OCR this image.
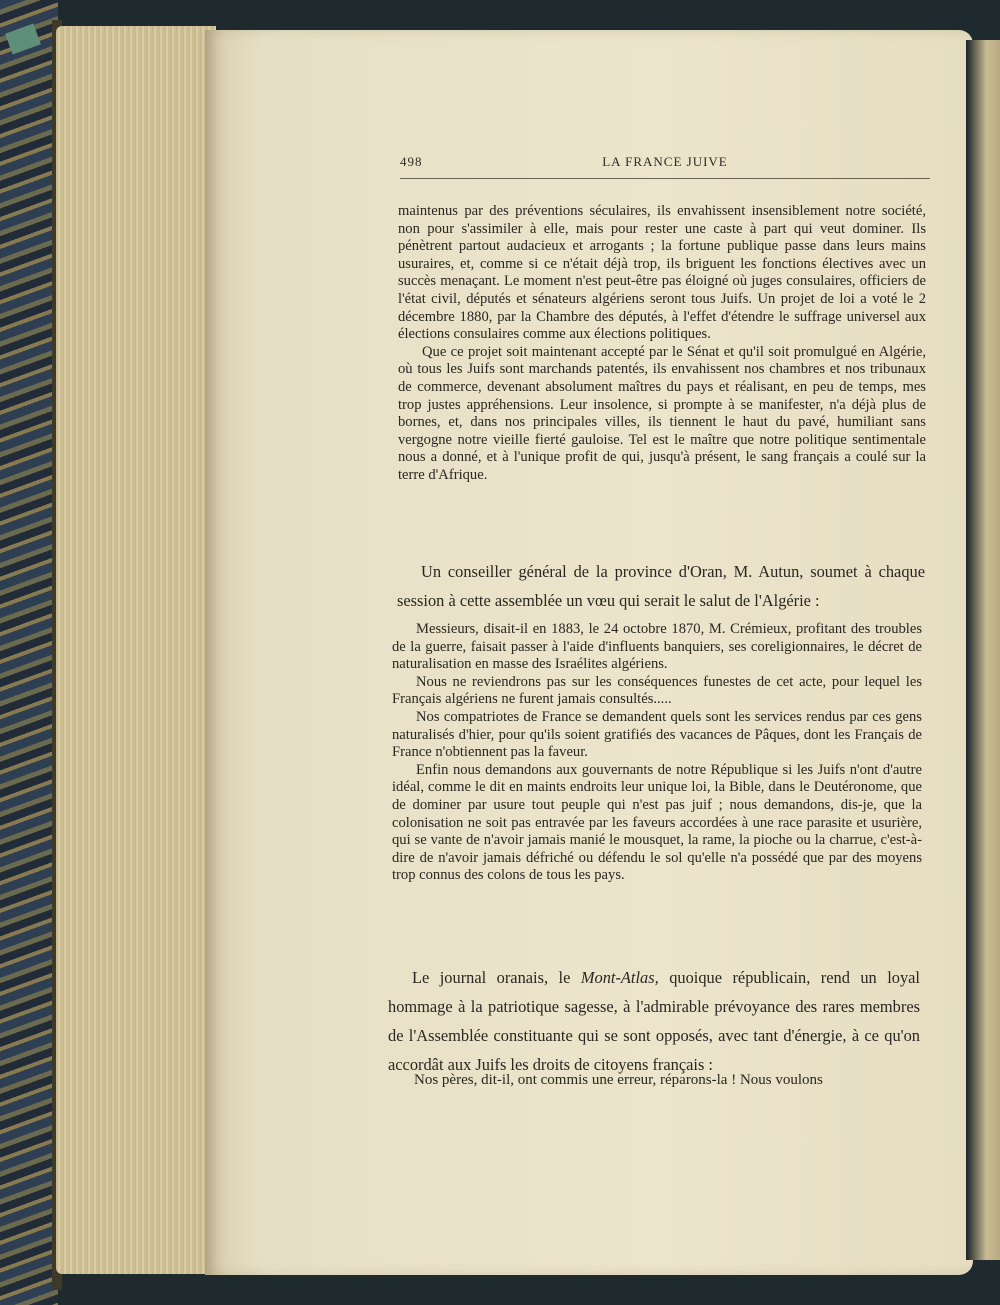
498	LA FRANCE JUIVE

maintenus par des préventions séculaires, ils envahissent insensiblement notre société, non pour s'assimiler à elle, mais pour rester une caste à part qui veut dominer. Ils pénètrent partout audacieux et arrogants ; la fortune publique passe dans leurs mains usuraires, et, comme si ce n'était déjà trop, ils briguent les fonctions électives avec un succès menaçant. Le moment n'est peut-être pas éloigné où juges consulaires, officiers de l'état civil, députés et sénateurs algériens seront tous Juifs. Un projet de loi a voté le 2 décembre 1880, par la Chambre des députés, à l'effet d'étendre le suffrage universel aux élections consulaires comme aux élections politiques.

Que ce projet soit maintenant accepté par le Sénat et qu'il soit promulgué en Algérie, où tous les Juifs sont marchands patentés, ils envahissent nos chambres et nos tribunaux de commerce, devenant absolument maîtres du pays et réalisant, en peu de temps, mes trop justes appréhensions. Leur insolence, si prompte à se manifester, n'a déjà plus de bornes, et, dans nos principales villes, ils tiennent le haut du pavé, humiliant sans vergogne notre vieille fierté gauloise. Tel est le maître que notre politique sentimentale nous a donné, et à l'unique profit de qui, jusqu'à présent, le sang français a coulé sur la terre d'Afrique.

Un conseiller général de la province d'Oran, M. Autun, soumet à chaque session à cette assemblée un vœu qui serait le salut de l'Algérie :

Messieurs, disait-il en 1883, le 24 octobre 1870, M. Crémieux, profitant des troubles de la guerre, faisait passer à l'aide d'influents banquiers, ses coreligionnaires, le décret de naturalisation en masse des Israélites algériens.

Nous ne reviendrons pas sur les conséquences funestes de cet acte, pour lequel les Français algériens ne furent jamais consultés.....

Nos compatriotes de France se demandent quels sont les services rendus par ces gens naturalisés d'hier, pour qu'ils soient gratifiés des vacances de Pâques, dont les Français de France n'obtiennent pas la faveur.

Enfin nous demandons aux gouvernants de notre République si les Juifs n'ont d'autre idéal, comme le dit en maints endroits leur unique loi, la Bible, dans le Deutéronome, que de dominer par usure tout peuple qui n'est pas juif ; nous demandons, dis-je, que la colonisation ne soit pas entravée par les faveurs accordées à une race parasite et usurière, qui se vante de n'avoir jamais manié le mousquet, la rame, la pioche ou la charrue, c'est-à-dire de n'avoir jamais défriché ou défendu le sol qu'elle n'a possédé que par des moyens trop connus des colons de tous les pays.

Le journal oranais, le Mont-Atlas, quoique républicain, rend un loyal hommage à la patriotique sagesse, à l'admirable prévoyance des rares membres de l'Assemblée constituante qui se sont opposés, avec tant d'énergie, à ce qu'on accordât aux Juifs les droits de citoyens français :

Nos pères, dit-il, ont commis une erreur, réparons-la ! Nous voulons
